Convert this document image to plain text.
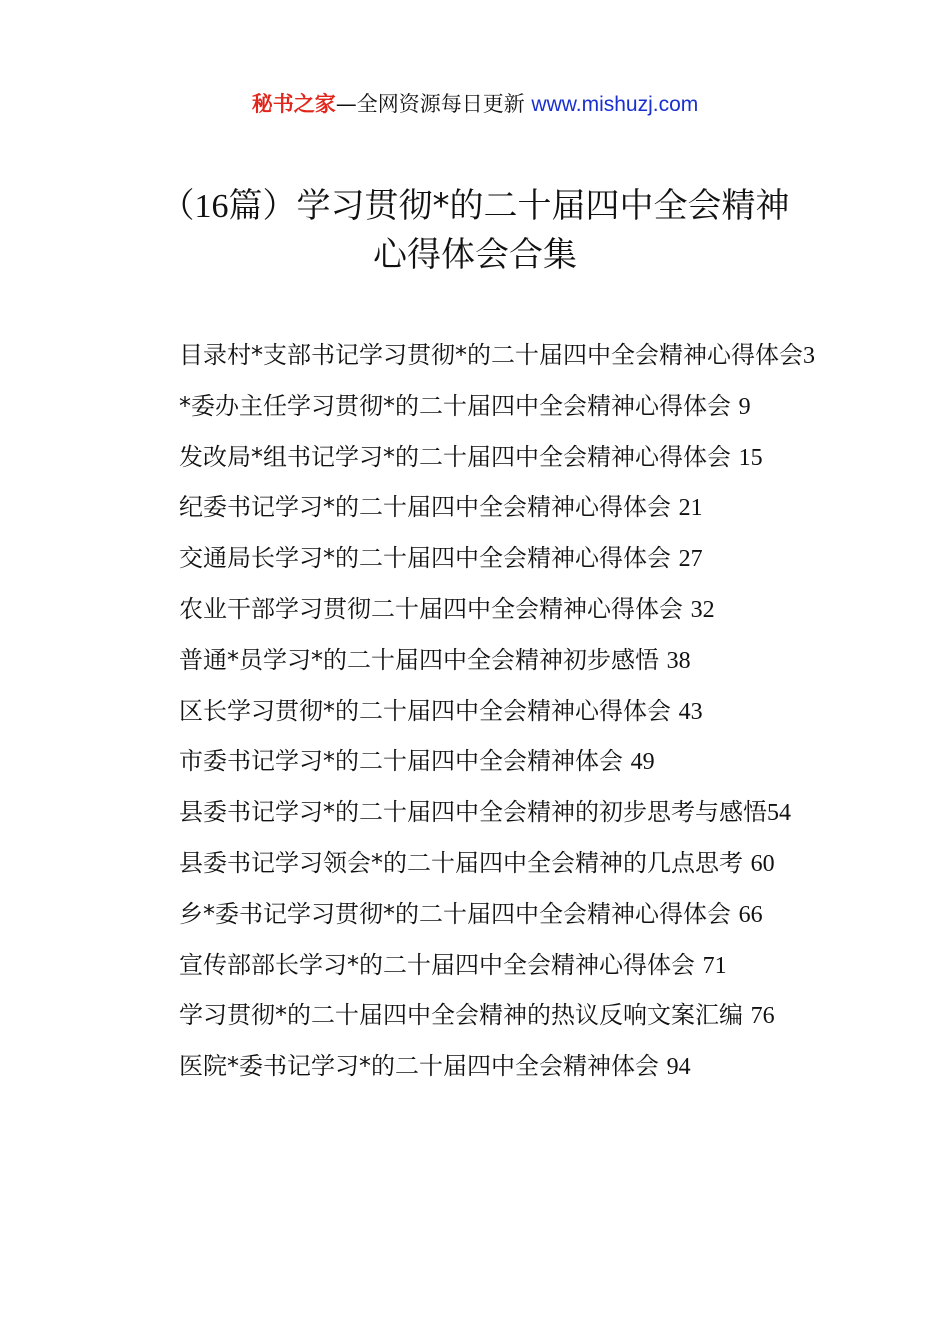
秘书之家—全网资源每日更新 www.mishuzj.com
（16篇）学习贯彻*的二十届四中全会精神
心得体会合集

目录村*支部书记学习贯彻*的二十届四中全会精神心得体会3

*委办主任学习贯彻*的二十届四中全会精神心得体会 9

发改局*组书记学习*的二十届四中全会精神心得体会 15

纪委书记学习*的二十届四中全会精神心得体会 21

交通局长学习*的二十届四中全会精神心得体会 27

农业干部学习贯彻二十届四中全会精神心得体会 32

普通*员学习*的二十届四中全会精神初步感悟 38

区长学习贯彻*的二十届四中全会精神心得体会 43

市委书记学习*的二十届四中全会精神体会 49

县委书记学习*的二十届四中全会精神的初步思考与感悟54

县委书记学习领会*的二十届四中全会精神的几点思考 60

乡*委书记学习贯彻*的二十届四中全会精神心得体会 66

宣传部部长学习*的二十届四中全会精神心得体会 71

学习贯彻*的二十届四中全会精神的热议反响文案汇编 76

医院*委书记学习*的二十届四中全会精神体会 94
